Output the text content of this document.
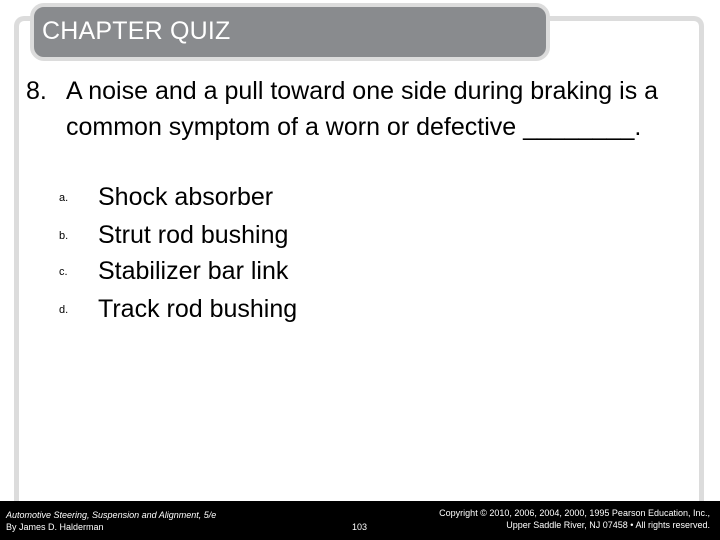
CHAPTER QUIZ
8. A noise and a pull toward one side during braking is a common symptom of a worn or defective ________.
a. Shock absorber
b. Strut rod bushing
c. Stabilizer bar link
d. Track rod bushing
Automotive Steering, Suspension and Alignment, 5/e
By James D. Halderman	103
Copyright © 2010, 2006, 2004, 2000, 1995 Pearson Education, Inc.,
Upper Saddle River, NJ 07458 • All rights reserved.
